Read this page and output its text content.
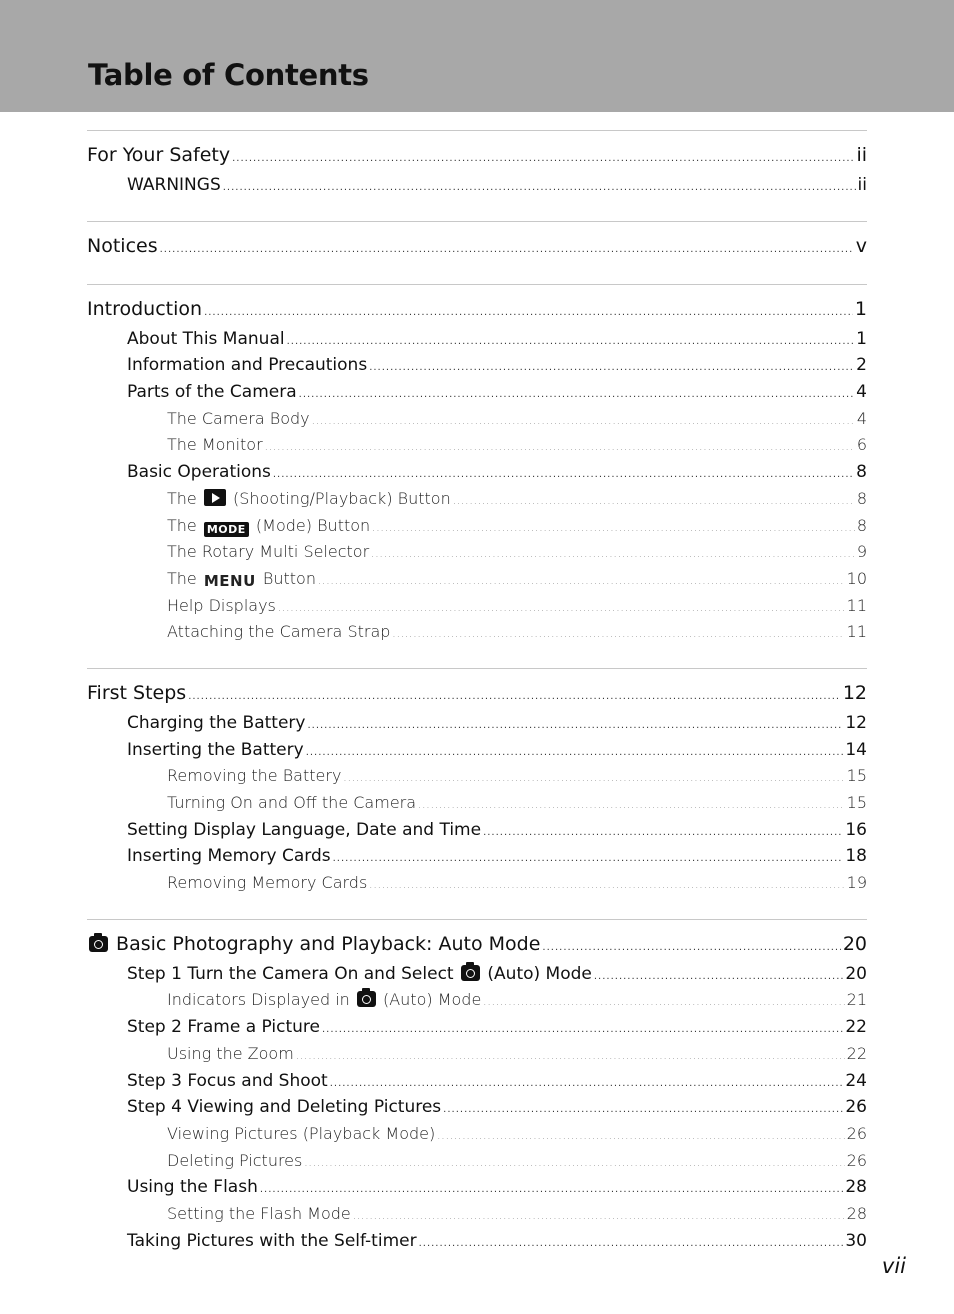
Table of Contents
For Your Safety .....	ii
WARNINGS .....	ii
Notices .....	v
Introduction .....	1
About This Manual .....	1
Information and Precautions .....	2
Parts of the Camera .....	4
The Camera Body .....	4
The Monitor .....	6
Basic Operations .....	8
The (Shooting/Playback) Button .....	8
The MODE (Mode) Button .....	8
The Rotary Multi Selector .....	9
The MENU Button .....	10
Help Displays .....	11
Attaching the Camera Strap .....	11
First Steps .....	12
Charging the Battery .....	12
Inserting the Battery .....	14
Removing the Battery .....	15
Turning On and Off the Camera .....	15
Setting Display Language, Date and Time .....	16
Inserting Memory Cards .....	18
Removing Memory Cards .....	19
Basic Photography and Playback: Auto Mode .....	20
Step 1 Turn the Camera On and Select (Auto) Mode .....	20
Indicators Displayed in (Auto) Mode .....	21
Step 2 Frame a Picture .....	22
Using the Zoom .....	22
Step 3 Focus and Shoot .....	24
Step 4 Viewing and Deleting Pictures .....	26
Viewing Pictures (Playback Mode) .....	26
Deleting Pictures .....	26
Using the Flash .....	28
Setting the Flash Mode .....	28
Taking Pictures with the Self-timer .....	30
vii
